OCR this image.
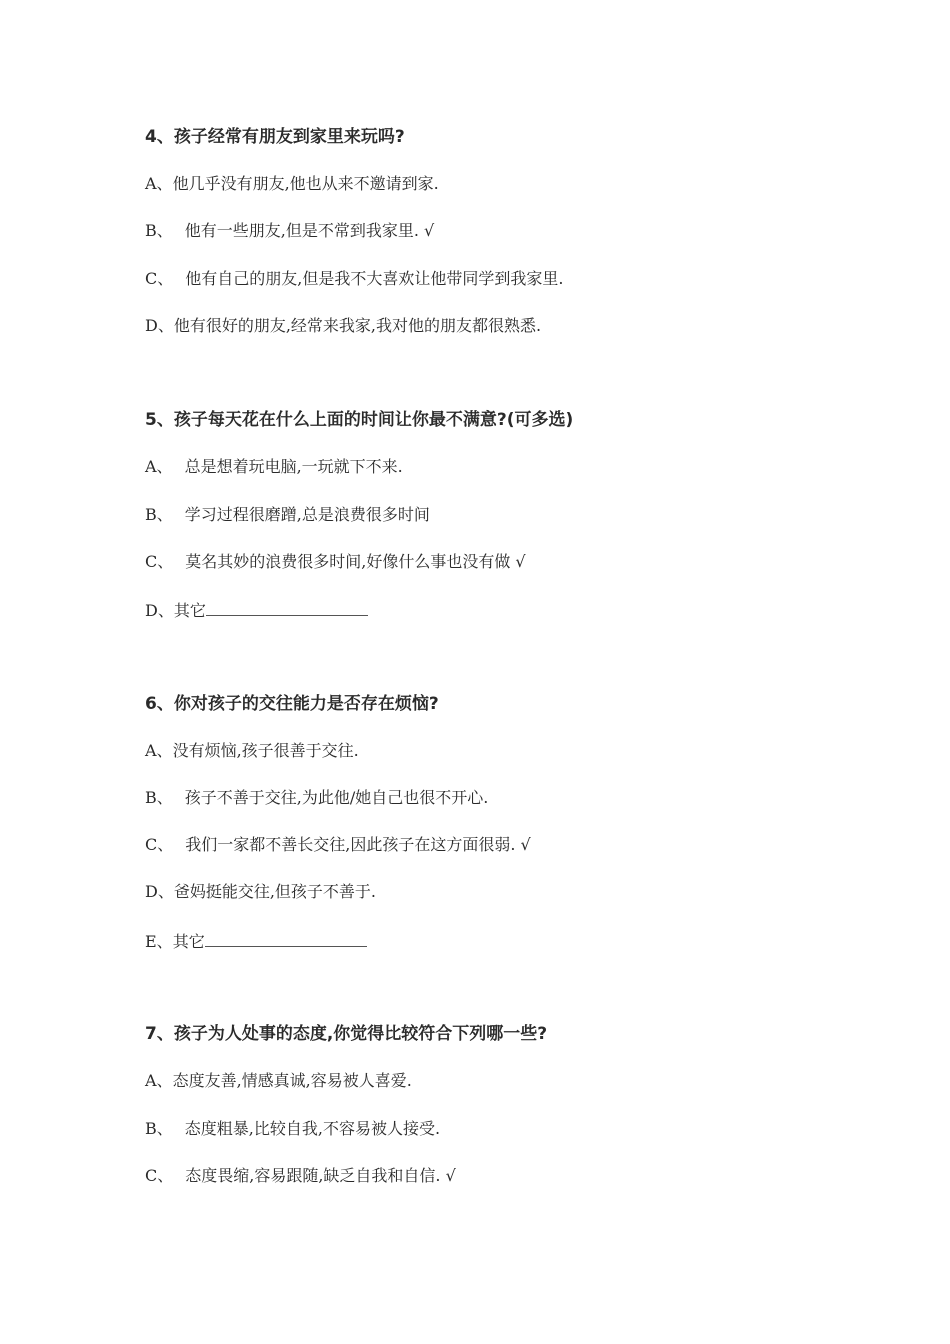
4、孩子经常有朋友到家里来玩吗?
A、他几乎没有朋友,他也从来不邀请到家.
B、 他有一些朋友,但是不常到我家里. √
C、 他有自己的朋友,但是我不大喜欢让他带同学到我家里.
D、他有很好的朋友,经常来我家,我对他的朋友都很熟悉.
5、孩子每天花在什么上面的时间让你最不满意?(可多选)
A、 总是想着玩电脑,一玩就下不来.
B、 学习过程很磨蹭,总是浪费很多时间
C、 莫名其妙的浪费很多时间,好像什么事也没有做 √
D、其它
6、你对孩子的交往能力是否存在烦恼?
A、没有烦恼,孩子很善于交往.
B、 孩子不善于交往,为此他/她自己也很不开心.
C、 我们一家都不善长交往,因此孩子在这方面很弱. √
D、爸妈挺能交往,但孩子不善于.
E、其它
7、孩子为人处事的态度,你觉得比较符合下列哪一些?
A、态度友善,情感真诚,容易被人喜爱.
B、 态度粗暴,比较自我,不容易被人接受.
C、 态度畏缩,容易跟随,缺乏自我和自信. √
